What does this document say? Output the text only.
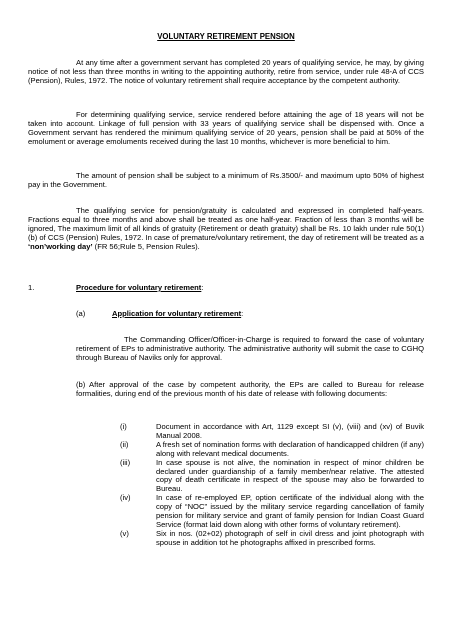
VOLUNTARY RETIREMENT PENSION

At any time after a government servant has completed 20 years of qualifying service, he may, by giving notice of not less than three months in writing to the appointing authority, retire from service, under rule 48-A of CCS (Pension), Rules, 1972. The notice of voluntary retirement shall require acceptance by the competent authority.

For determining qualifying service, service rendered before attaining the age of 18 years will not be taken into account. Linkage of full pension with 33 years of qualifying service shall be dispensed with. Once a Government servant has rendered the minimum qualifying service of 20 years, pension shall be paid at 50% of the emolument or average emoluments received during the last 10 months, whichever is more beneficial to him.

The amount of pension shall be subject to a minimum of Rs.3500/- and maximum upto 50% of highest pay in the Government.

The qualifying service for pension/gratuity is calculated and expressed in completed half-years. Fractions equal to three months and above shall be treated as one half-year. Fraction of less than 3 months will be ignored, The maximum limit of all kinds of gratuity (Retirement or death gratuity) shall be Rs. 10 lakh under rule 50(1) (b) of CCS (Pension) Rules, 1972. In case of premature/voluntary retirement, the day of retirement will be treated as a ‘non’working day’ (FR 56;Rule 5, Pension Rules).

1.	Procedure for voluntary retirement:

(a)	Application for voluntary retirement:

The Commanding Officer/Officer-in-Charge is required to forward the case of voluntary retirement of EPs to administrative authority. The administrative authority will submit the case to CGHQ through Bureau of Naviks only for approval.

(b) After approval of the case by competent authority, the EPs are called to Bureau for release formalities, during end of the previous month of his date of release with following documents:

(i)	Document in accordance with Art, 1129 except SI (v), (viii) and (xv) of Buvik Manual 2008.
(ii)	A fresh set of nomination forms with declaration of handicapped children (if any) along with relevant medical documents.
(iii)	In case spouse is not alive, the nomination in respect of minor children be declared under guardianship of a family member/near relative. The attested copy of death certificate in respect of the spouse may also be forwarded to Bureau.
(iv)	In case of re-employed EP, option certificate of the individual along with the copy of “NOC” issued by the military service regarding cancellation of family pension for military service and grant of family pension for Indian Coast Guard Service (format laid down along with other forms of voluntary retirement).
(v)	Six in nos. (02+02) photograph of self in civil dress and joint photograph with spouse in addition tot he photographs affixed in prescribed forms.
